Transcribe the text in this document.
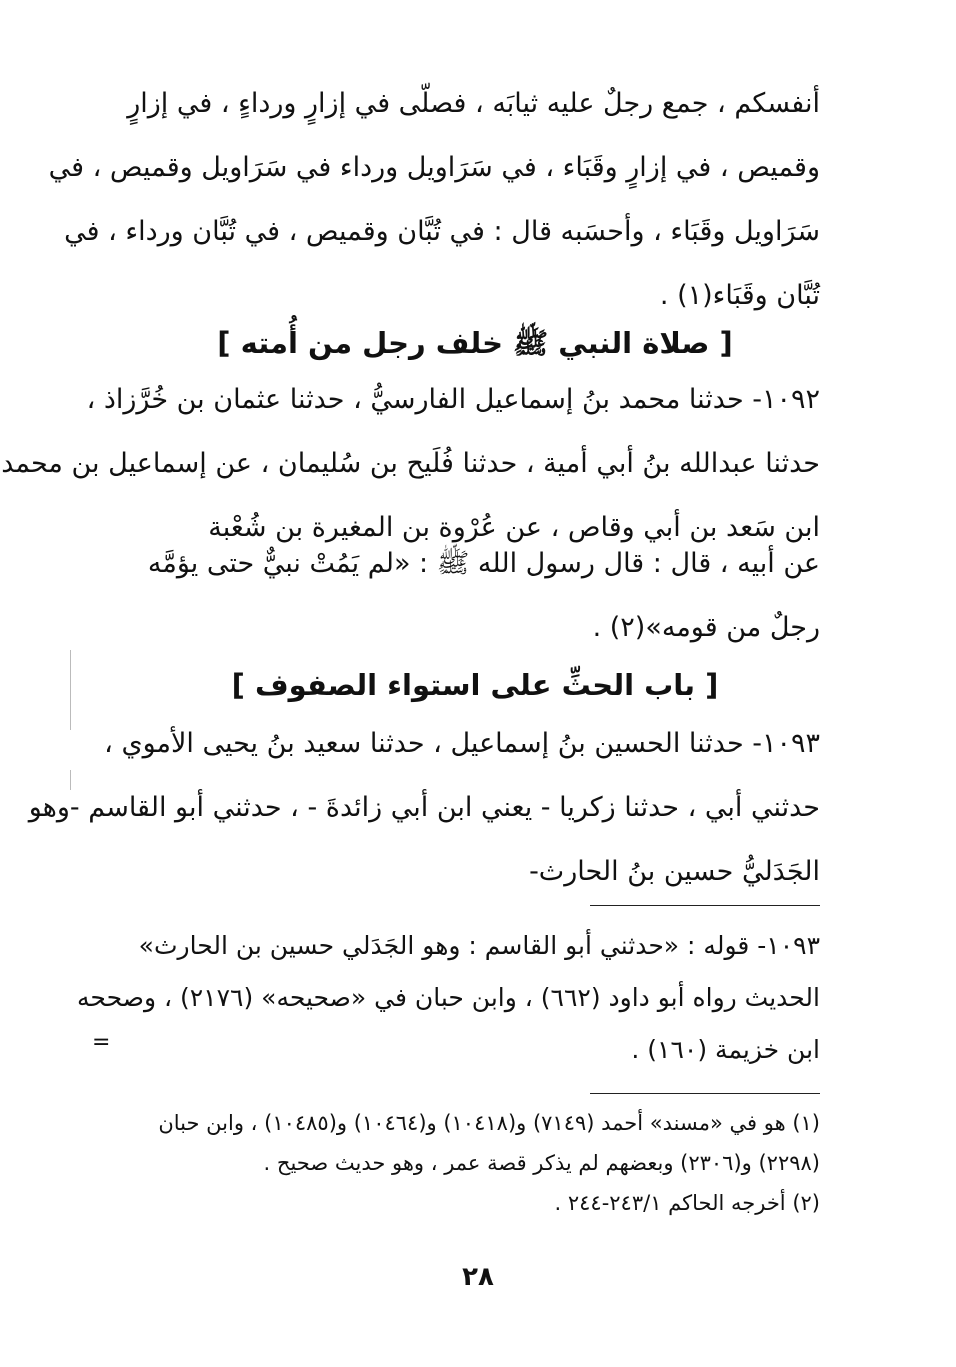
أنفسكم ، جمع رجلٌ عليه ثيابَه ، فصلّى في إزارٍ ورداءٍ ، في إزارٍ
وقميص ، في إزارٍ وقَبَاء ، في سَرَاويل ورداء في سَرَاويل وقميص ، في
سَرَاويل وقَبَاء ، وأحسَبه قال : في تُبَّان وقميص ، في تُبَّان ورداء ، في
تُبَّان وقَبَاء(١) .
[ صلاة النبي ﷺ خلف رجل من أُمته ]
١٠٩٢- حدثنا محمد بنُ إسماعيل الفارسيُّ ، حدثنا عثمان بن خُرَّزاذ ،
حدثنا عبدالله بنُ أبي أمية ، حدثنا فُلَيح بن سُليمان ، عن إسماعيل بن محمد
ابن سَعد بن أبي وقاص ، عن عُرْوة بن المغيرة بن شُعْبة
عن أبيه ، قال : قال رسول الله ﷺ : «لم يَمُتْ نبيٌّ حتى يؤمَّه
رجلٌ من قومه»(٢) .
[ باب الحثِّ على استواء الصفوف ]
١٠٩٣- حدثنا الحسين بنُ إسماعيل ، حدثنا سعيد بنُ يحيى الأموي ،
حدثني أبي ، حدثنا زكريا - يعني ابن أبي زائدةَ - ، حدثني أبو القاسم -وهو
الجَدَليُّ حسين بنُ الحارث-
١٠٩٣- قوله : «حدثني أبو القاسم : وهو الجَدَلي حسين بن الحارث»
الحديث رواه أبو داود (٦٦٢) ، وابن حبان في «صحيحه» (٢١٧٦) ، وصححه
ابن خزيمة (١٦٠) .
=
(١) هو في «مسند» أحمد (٧١٤٩) و(١٠٤١٨) و(١٠٤٦٤) و(١٠٤٨٥) ، وابن حبان
(٢٢٩٨) و(٢٣٠٦) وبعضهم لم يذكر قصة عمر ، وهو حديث صحيح .
(٢) أخرجه الحاكم ٢٤٣/١-٢٤٤ .
٢٨
